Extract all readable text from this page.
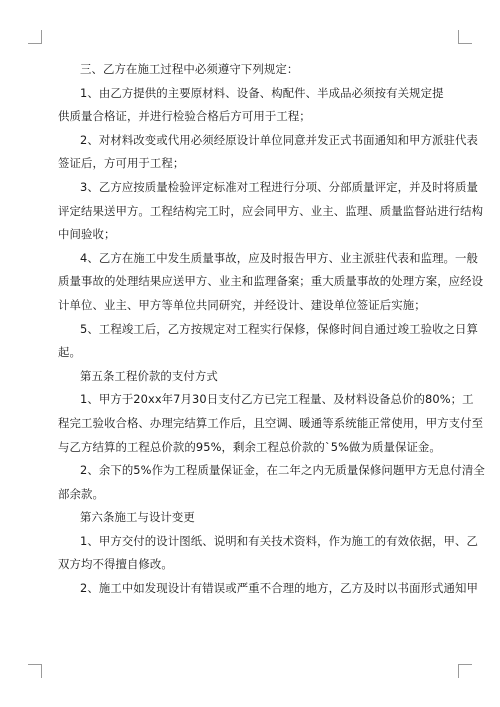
三、乙方在施工过程中必须遵守下列规定：
1、由乙方提供的主要原材料、设备、构配件、半成品必须按有关规定提
供质量合格证，并进行检验合格后方可用于工程；
2、对材料改变或代用必须经原设计单位同意并发正式书面通知和甲方派驻代表
签证后，方可用于工程；
3、乙方应按质量检验评定标准对工程进行分项、分部质量评定，并及时将质量
评定结果送甲方。工程结构完工时，应会同甲方、业主、监理、质量监督站进行结构
中间验收；
4、乙方在施工中发生质量事故，应及时报告甲方、业主派驻代表和监理。一般
质量事故的处理结果应送甲方、业主和监理备案；重大质量事故的处理方案，应经设
计单位、业主、甲方等单位共同研究，并经设计、建设单位签证后实施；
5、工程竣工后，乙方按规定对工程实行保修，保修时间自通过竣工验收之日算
起。
第五条工程价款的支付方式
1、甲方于20xx年7月30日支付乙方已完工程量、及材料设备总价的80%；工
程完工验收合格、办理完结算工作后，且空调、暖通等系统能正常使用，甲方支付至
与乙方结算的工程总价款的95%，剩余工程总价款的`5%做为质量保证金。
2、余下的5%作为工程质量保证金，在二年之内无质量保修问题甲方无息付清全
部余款。
第六条施工与设计变更
1、甲方交付的设计图纸、说明和有关技术资料，作为施工的有效依据，甲、乙
双方均不得擅自修改。
2、施工中如发现设计有错误或严重不合理的地方，乙方及时以书面形式通知甲
